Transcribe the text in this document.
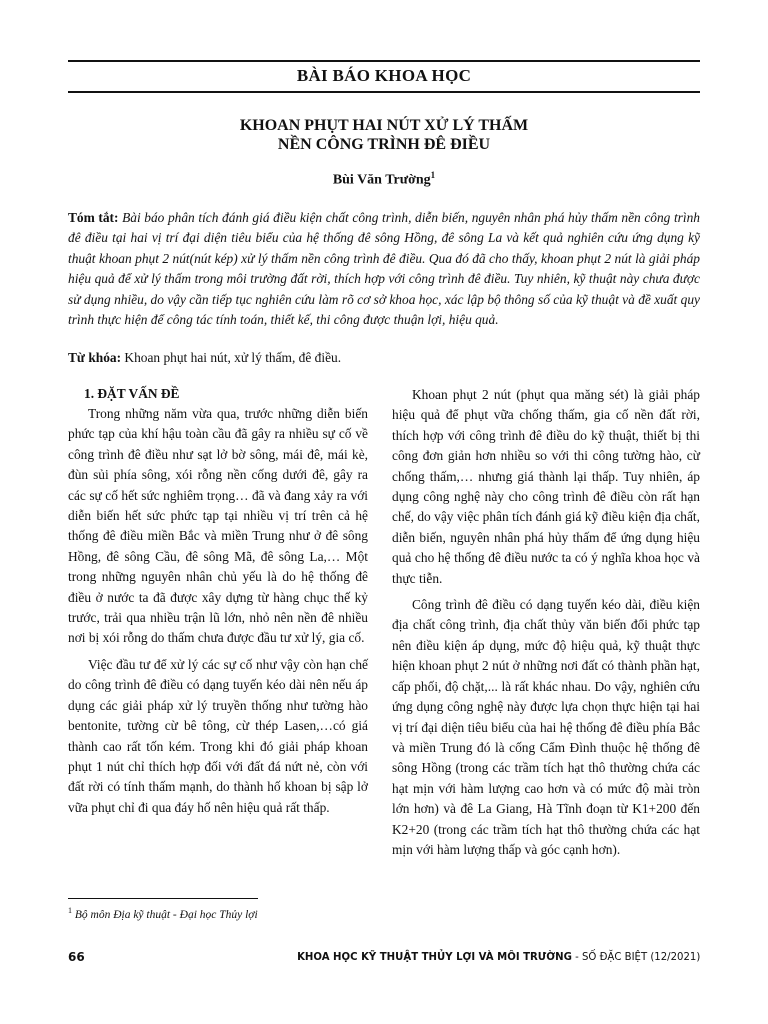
BÀI BÁO KHOA HỌC
KHOAN PHỤT HAI NÚT XỬ LÝ THẤM
NỀN CÔNG TRÌNH ĐÊ ĐIỀU
Bùi Văn Trường$^1$
Tóm tắt: Bài báo phân tích đánh giá điều kiện chất công trình, diễn biến, nguyên nhân phá hủy thấm nền công trình đê điều tại hai vị trí đại diện tiêu biểu của hệ thống đê sông Hồng, đê sông La và kết quả nghiên cứu ứng dụng kỹ thuật khoan phụt 2 nút(nút kép) xử lý thấm nền công trình đê điều. Qua đó đã cho thấy, khoan phụt 2 nút là giải pháp hiệu quả để xử lý thấm trong môi trường đất rời, thích hợp với công trình đê điều. Tuy nhiên, kỹ thuật này chưa được sử dụng nhiều, do vậy cần tiếp tục nghiên cứu làm rõ cơ sở khoa học, xác lập bộ thông số của kỹ thuật và đề xuất quy trình thực hiện để công tác tính toán, thiết kế, thi công được thuận lợi, hiệu quả.
Từ khóa: Khoan phụt hai nút, xử lý thấm, đê điều.
1. ĐẶT VẤN ĐỀ

Trong những năm vừa qua, trước những diễn biến phức tạp của khí hậu toàn cầu đã gây ra nhiều sự cố về công trình đê điều như sạt lở bờ sông, mái đê, mái kè, đùn sủi phía sông, xói rỗng nền cống dưới đê, gây ra các sự cố hết sức nghiêm trọng… đã và đang xảy ra với diễn biến hết sức phức tạp tại nhiều vị trí trên cả hệ thống đê điều miền Bắc và miền Trung như ở đê sông Hồng, đê sông Cầu, đê sông Mã, đê sông La,… Một trong những nguyên nhân chủ yếu là do hệ thống đê điều ở nước ta đã được xây dựng từ hàng chục thế kỷ trước, trải qua nhiều trận lũ lớn, nhỏ nên nền đê nhiều nơi bị xói rỗng do thấm chưa được đầu tư xử lý, gia cố.

Việc đầu tư để xử lý các sự cố như vậy còn hạn chế do công trình đê điều có dạng tuyến kéo dài nên nếu áp dụng các giải pháp xử lý truyền thống như tường hào bentonite, tường cừ bê tông, cừ thép Lasen,…có giá thành cao rất tốn kém. Trong khi đó giải pháp khoan phụt 1 nút chỉ thích hợp đối với đất đá nứt nẻ, còn với đất rời có tính thấm mạnh, do thành hố khoan bị sập lở vữa phụt chỉ đi qua đáy hố nên hiệu quả rất thấp.

Khoan phụt 2 nút (phụt qua măng sét) là giải pháp hiệu quả để phụt vữa chống thấm, gia cố nền đất rời, thích hợp với công trình đê điều do kỹ thuật, thiết bị thi công đơn giản hơn nhiều so với thi công tường hào, cừ chống thấm,… nhưng giá thành lại thấp. Tuy nhiên, áp dụng công nghệ này cho công trình đê điều còn rất hạn chế, do vậy việc phân tích đánh giá kỹ điều kiện địa chất, diễn biến, nguyên nhân phá hủy thấm để ứng dụng hiệu quả cho hệ thống đê điều nước ta có ý nghĩa khoa học và thực tiễn.

Công trình đê điều có dạng tuyến kéo dài, điều kiện địa chất công trình, địa chất thủy văn biến đổi phức tạp nên điều kiện áp dụng, mức độ hiệu quả, kỹ thuật thực hiện khoan phụt 2 nút ở những nơi đất có thành phần hạt, cấp phối, độ chặt,... là rất khác nhau. Do vậy, nghiên cứu ứng dụng công nghệ này được lựa chọn thực hiện tại hai vị trí đại diện tiêu biểu của hai hệ thống đê điều phía Bắc và miền Trung đó là cống Cẩm Đình thuộc hệ thống đê sông Hồng (trong các trầm tích hạt thô thường chứa các hạt mịn với hàm lượng cao hơn và có mức độ mài tròn lớn hơn) và đê La Giang, Hà Tĩnh đoạn từ K1+200 đến K2+20 (trong các trầm tích hạt thô thường chứa các hạt mịn với hàm lượng thấp và góc cạnh hơn).

$^1$ Bộ môn Địa kỹ thuật - Đại học Thủy lợi
66	KHOA HỌC KỸ THUẬT THỦY LỢI VÀ MÔI TRƯỜNG - SỐ ĐẶC BIỆT (12/2021)
